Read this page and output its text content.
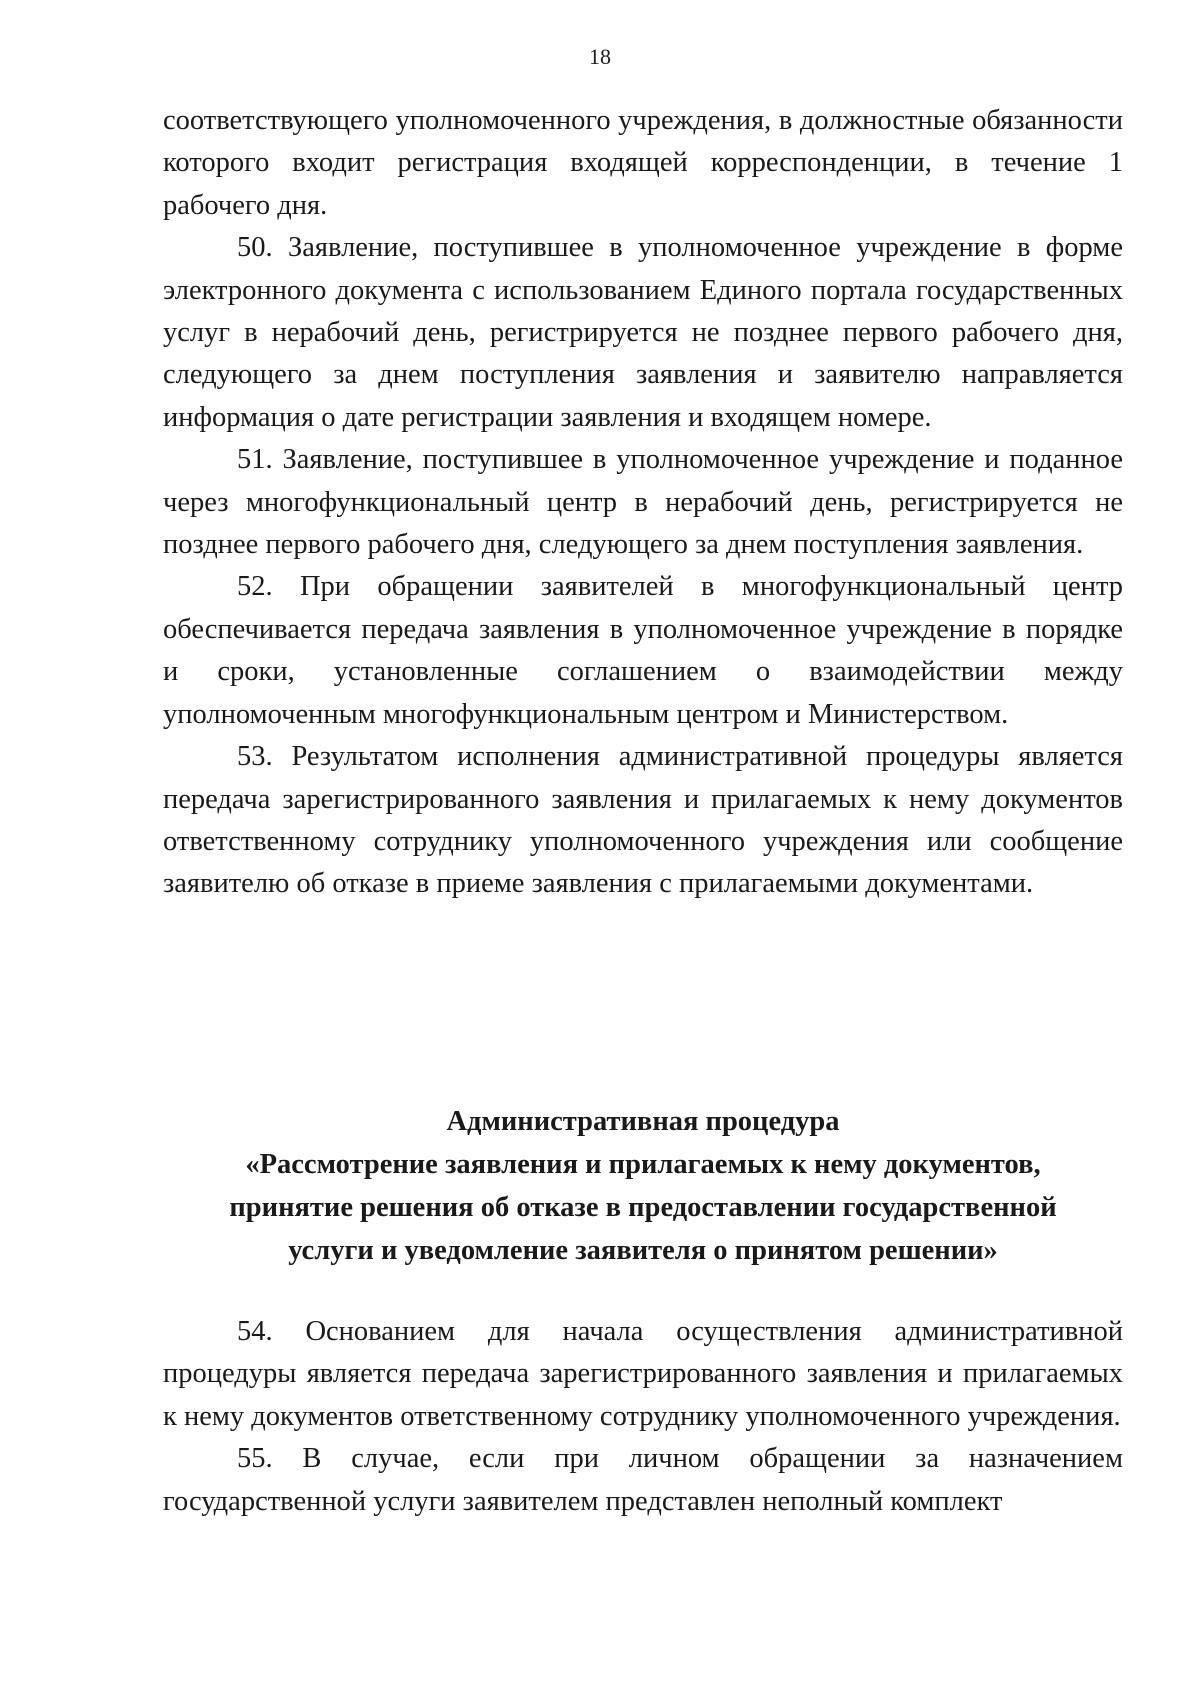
18

соответствующего уполномоченного учреждения, в должностные обязанности которого входит регистрация входящей корреспонденции, в течение 1 рабочего дня.

50. Заявление, поступившее в уполномоченное учреждение в форме электронного документа с использованием Единого портала государственных услуг в нерабочий день, регистрируется не позднее первого рабочего дня, следующего за днем поступления заявления и заявителю направляется информация о дате регистрации заявления и входящем номере.

51. Заявление, поступившее в уполномоченное учреждение и поданное через многофункциональный центр в нерабочий день, регистрируется не позднее первого рабочего дня, следующего за днем поступления заявления.

52. При обращении заявителей в многофункциональный центр обеспечивается передача заявления в уполномоченное учреждение в порядке и сроки, установленные соглашением о взаимодействии между уполномоченным многофункциональным центром и Министерством.

53. Результатом исполнения административной процедуры является передача зарегистрированного заявления и прилагаемых к нему документов ответственному сотруднику уполномоченного учреждения или сообщение заявителю об отказе в приеме заявления с прилагаемыми документами.

Административная процедура
«Рассмотрение заявления и прилагаемых к нему документов,
принятие решения об отказе в предоставлении государственной
услуги и уведомление заявителя о принятом решении»

54. Основанием для начала осуществления административной процедуры является передача зарегистрированного заявления и прилагаемых к нему документов ответственному сотруднику уполномоченного учреждения.

55. В случае, если при личном обращении за назначением государственной услуги заявителем представлен неполный комплект
